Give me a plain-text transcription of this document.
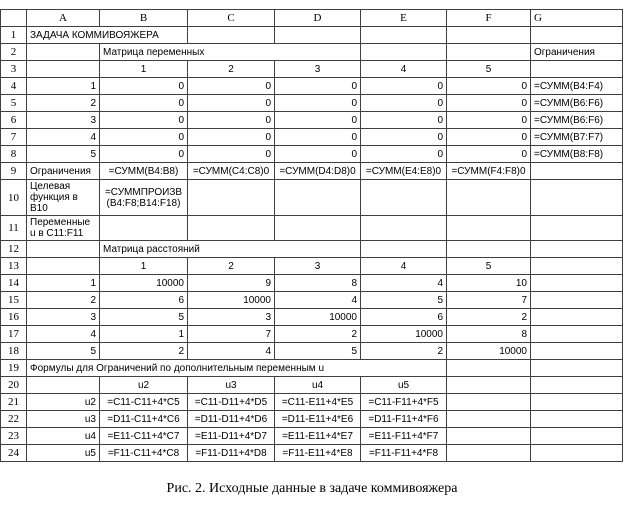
	A	B	C	D	E	F	G
1	ЗАДАЧА КОММИВОЯЖЕРА						
2		Матрица переменных					Ограничения
3		1	2	3	4	5	
4	1	0	0	0	0	0	=СУММ(B4:F4)
5	2	0	0	0	0	0	=СУММ(B6:F6)
6	3	0	0	0	0	0	=СУММ(B6:F6)
7	4	0	0	0	0	0	=СУММ(B7:F7)
8	5	0	0	0	0	0	=СУММ(B8:F8)
9	Ограничения	=СУММ(B4:B8)	=СУММ(C4:C8)0	=СУММ(D4:D8)0	=СУММ(E4:E8)0	=СУММ(F4:F8)0	
10	Целевая функция в B10	=СУММПРОИЗВ (B4:F8;B14:F18)					
11	Переменные u в C11:F11						
12		Матрица расстояний					
13		1	2	3	4	5	
14	1	10000	9	8	4	10	
15	2	6	10000	4	5	7	
16	3	5	3	10000	6	2	
17	4	1	7	2	10000	8	
18	5	2	4	5	2	10000	
19	Формулы для Ограничений по дополнительным переменным u						
20		u2	u3	u4	u5		
21	u2	=C11-C11+4*C5	=C11-D11+4*D5	=C11-E11+4*E5	=C11-F11+4*F5		
22	u3	=D11-C11+4*C6	=D11-D11+4*D6	=D11-E11+4*E6	=D11-F11+4*F6		
23	u4	=E11-C11+4*C7	=E11-D11+4*D7	=E11-E11+4*E7	=E11-F11+4*F7		
24	u5	=F11-C11+4*C8	=F11-D11+4*D8	=F11-E11+4*E8	=F11-F11+4*F8		
Рис. 2. Исходные данные в задаче коммивояжера
